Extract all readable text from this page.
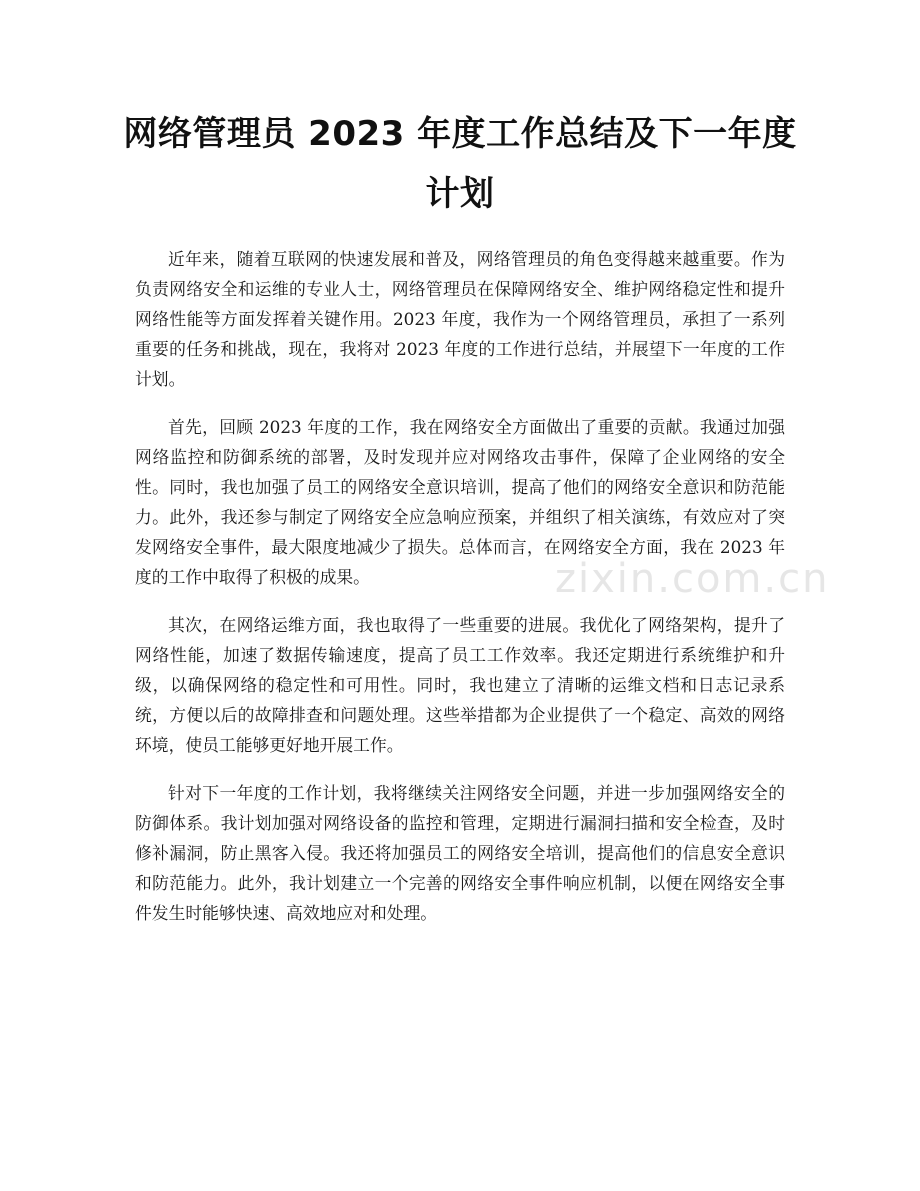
zixin.com.cn
网络管理员 2023 年度工作总结及下一年度计划

近年来，随着互联网的快速发展和普及，网络管理员的角色变得越来越重要。作为负责网络安全和运维的专业人士，网络管理员在保障网络安全、维护网络稳定性和提升网络性能等方面发挥着关键作用。2023 年度，我作为一个网络管理员，承担了一系列重要的任务和挑战，现在，我将对 2023 年度的工作进行总结，并展望下一年度的工作计划。

首先，回顾 2023 年度的工作，我在网络安全方面做出了重要的贡献。我通过加强网络监控和防御系统的部署，及时发现并应对网络攻击事件，保障了企业网络的安全性。同时，我也加强了员工的网络安全意识培训，提高了他们的网络安全意识和防范能力。此外，我还参与制定了网络安全应急响应预案，并组织了相关演练，有效应对了突发网络安全事件，最大限度地减少了损失。总体而言，在网络安全方面，我在 2023 年度的工作中取得了积极的成果。

其次，在网络运维方面，我也取得了一些重要的进展。我优化了网络架构，提升了网络性能，加速了数据传输速度，提高了员工工作效率。我还定期进行系统维护和升级，以确保网络的稳定性和可用性。同时，我也建立了清晰的运维文档和日志记录系统，方便以后的故障排查和问题处理。这些举措都为企业提供了一个稳定、高效的网络环境，使员工能够更好地开展工作。

针对下一年度的工作计划，我将继续关注网络安全问题，并进一步加强网络安全的防御体系。我计划加强对网络设备的监控和管理，定期进行漏洞扫描和安全检查，及时修补漏洞，防止黑客入侵。我还将加强员工的网络安全培训，提高他们的信息安全意识和防范能力。此外，我计划建立一个完善的网络安全事件响应机制，以便在网络安全事件发生时能够快速、高效地应对和处理。
